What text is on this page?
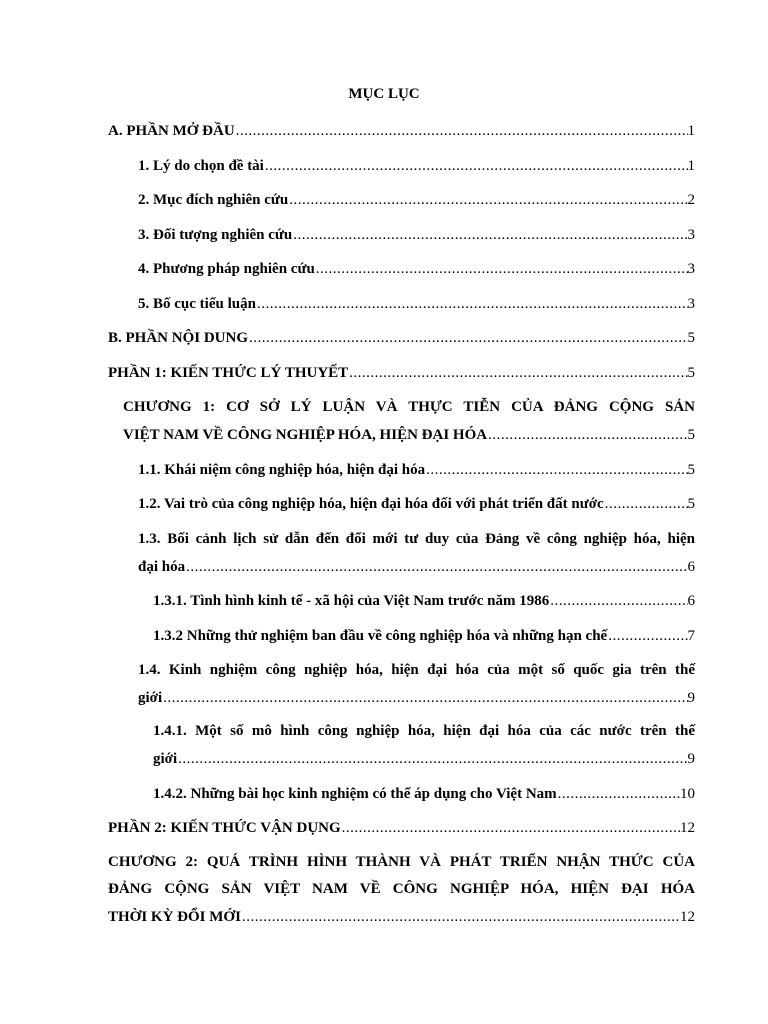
MỤC LỤC
A. PHẦN MỞ ĐẦU .....	1
1. Lý do chọn đề tài .....	1
2. Mục đích nghiên cứu .....	2
3. Đối tượng nghiên cứu .....	3
4. Phương pháp nghiên cứu .....	3
5. Bố cục tiểu luận .....	3
B. PHẦN NỘI DUNG .....	5
PHẦN 1: KIẾN THỨC LÝ THUYẾT .....	5
CHƯƠNG 1: CƠ SỞ LÝ LUẬN VÀ THỰC TIỄN CỦA ĐẢNG CỘNG SẢN
VIỆT NAM VỀ CÔNG NGHIỆP HÓA, HIỆN ĐẠI HÓA .....	5
1.1. Khái niệm công nghiệp hóa, hiện đại hóa .....	5
1.2. Vai trò của công nghiệp hóa, hiện đại hóa đối với phát triển đất nước .....	5
1.3. Bối cảnh lịch sử dẫn đến đổi mới tư duy của Đảng về công nghiệp hóa, hiện
đại hóa .....	6
1.3.1. Tình hình kinh tế - xã hội của Việt Nam trước năm 1986 .....	6
1.3.2 Những thử nghiệm ban đầu về công nghiệp hóa và những hạn chế .....	7
1.4. Kinh nghiệm công nghiệp hóa, hiện đại hóa của một số quốc gia trên thế
giới .....	9
1.4.1. Một số mô hình công nghiệp hóa, hiện đại hóa của các nước trên thế
giới .....	9
1.4.2. Những bài học kinh nghiệm có thể áp dụng cho Việt Nam .....	10
PHẦN 2: KIẾN THỨC VẬN DỤNG .....	12
CHƯƠNG 2: QUÁ TRÌNH HÌNH THÀNH VÀ PHÁT TRIỂN NHẬN THỨC CỦA
ĐẢNG CỘNG SẢN VIỆT NAM VỀ CÔNG NGHIỆP HÓA, HIỆN ĐẠI HÓA
THỜI KỲ ĐỔI MỚI .....	12
